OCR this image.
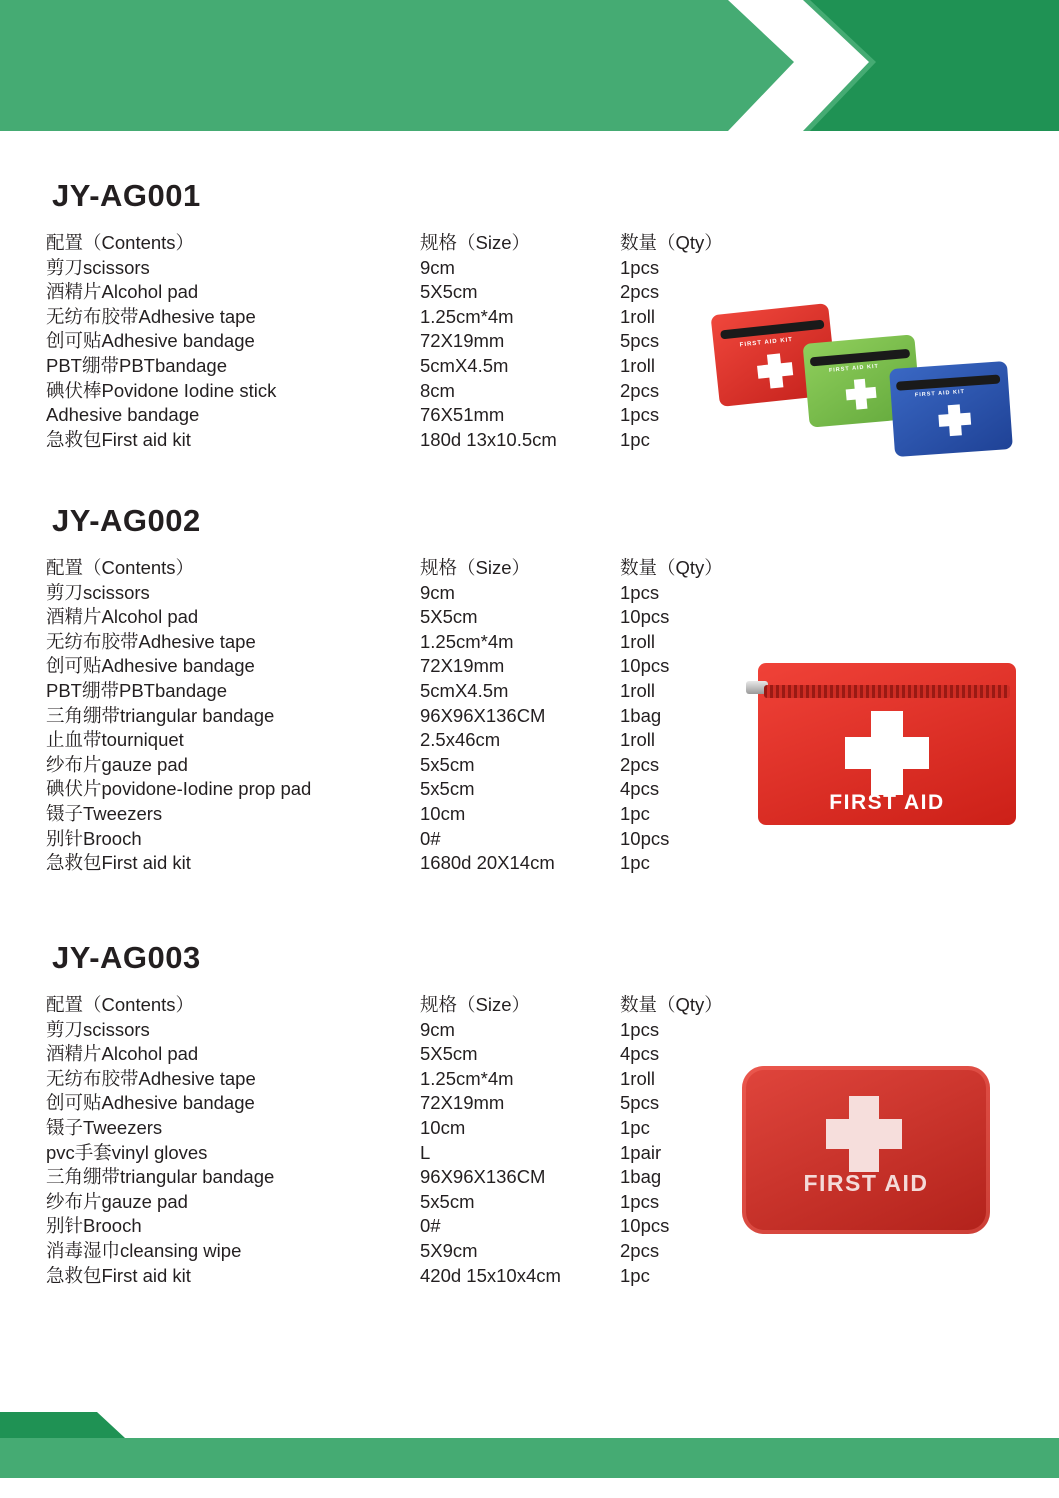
JY-AG001
配置（Contents）	规格（Size）	数量（Qty）
剪刀scissors	9cm	1pcs
酒精片Alcohol pad	5X5cm	2pcs
无纺布胶带Adhesive tape	1.25cm*4m	1roll
创可贴Adhesive bandage	72X19mm	5pcs
PBT绷带PBTbandage	5cmX4.5m	1roll
碘伏棒Povidone Iodine stick	8cm	2pcs
Adhesive bandage	76X51mm	1pcs
急救包First aid kit	180d 13x10.5cm	1pc
JY-AG002
配置（Contents）	规格（Size）	数量（Qty）
剪刀scissors	9cm	1pcs
酒精片Alcohol pad	5X5cm	10pcs
无纺布胶带Adhesive tape	1.25cm*4m	1roll
创可贴Adhesive bandage	72X19mm	10pcs
PBT绷带PBTbandage	5cmX4.5m	1roll
三角绷带triangular bandage	96X96X136CM	1bag
止血带tourniquet	2.5x46cm	1roll
纱布片gauze pad	5x5cm	2pcs
碘伏片povidone-Iodine prop pad	5x5cm	4pcs
镊子Tweezers	10cm	1pc
别针Brooch	0#	10pcs
急救包First aid kit	1680d 20X14cm	1pc
JY-AG003
配置（Contents）	规格（Size）	数量（Qty）
剪刀scissors	9cm	1pcs
酒精片Alcohol pad	5X5cm	4pcs
无纺布胶带Adhesive tape	1.25cm*4m	1roll
创可贴Adhesive bandage	72X19mm	5pcs
镊子Tweezers	10cm	1pc
pvc手套vinyl gloves	L	1pair
三角绷带triangular bandage	96X96X136CM	1bag
纱布片gauze pad	5x5cm	1pcs
别针Brooch	0#	10pcs
消毒湿巾cleansing wipe	5X9cm	2pcs
急救包First aid kit	420d 15x10x4cm	1pc
FIRST AID KIT
FIRST AID KIT
FIRST AID KIT
FIRST AID
FIRST AID
